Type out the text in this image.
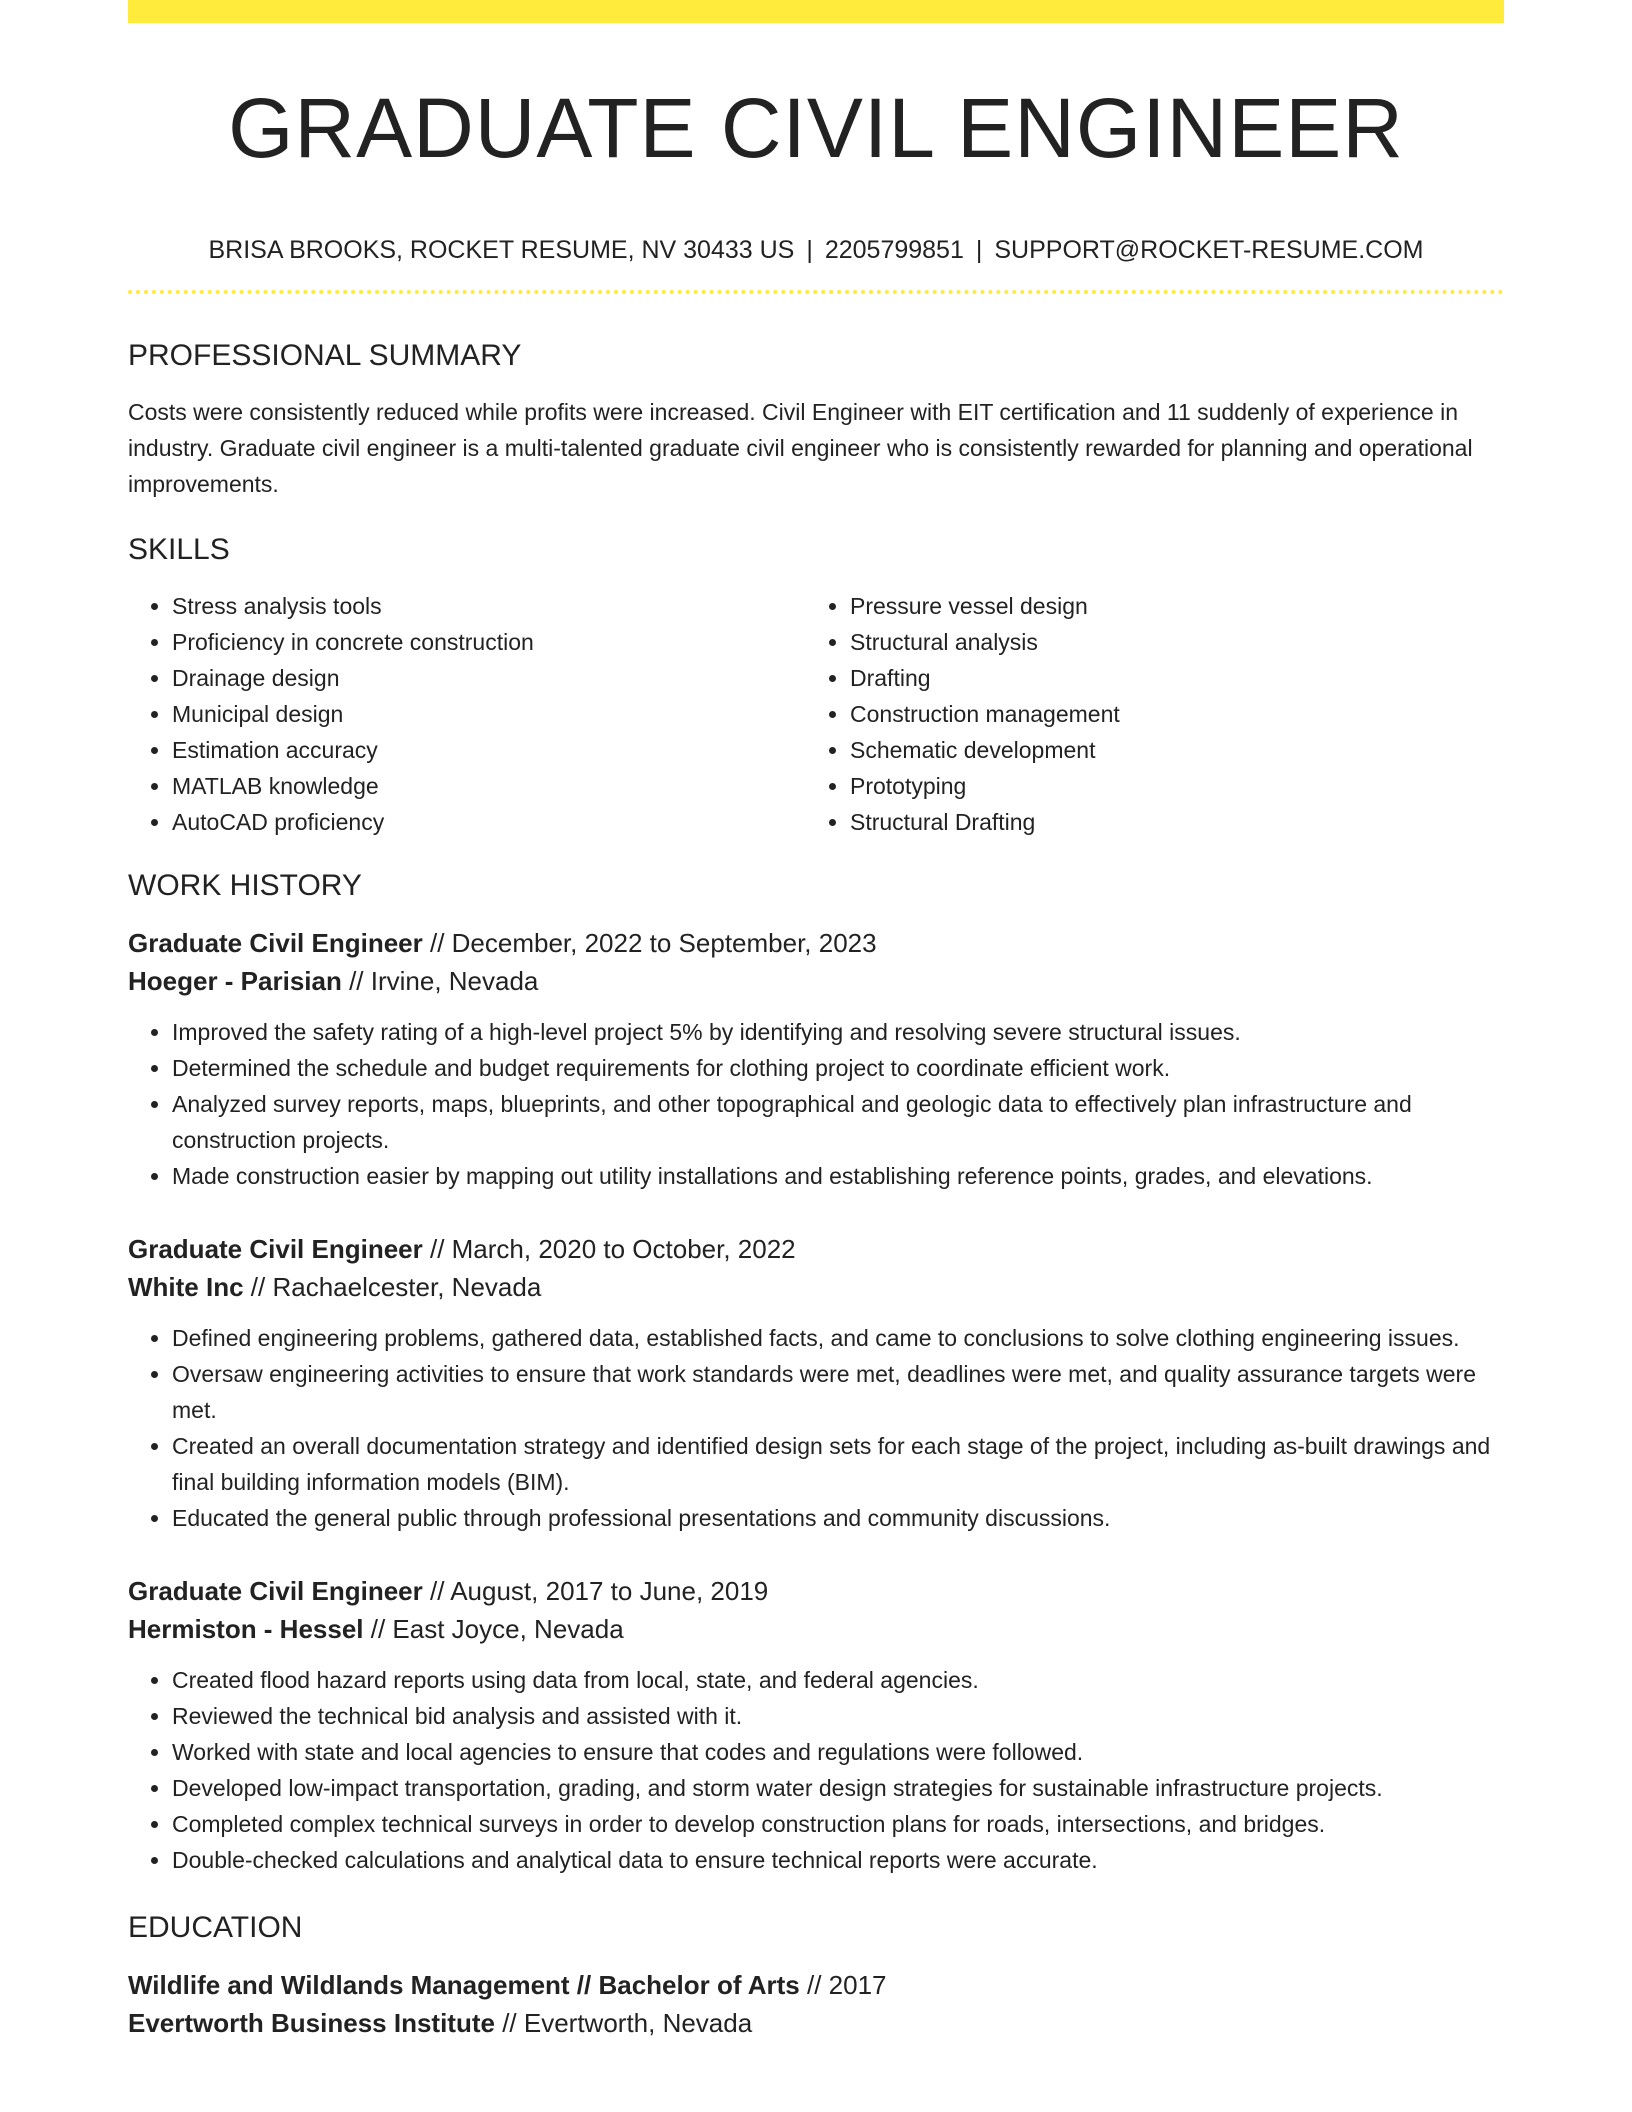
GRADUATE CIVIL ENGINEER
BRISA BROOKS, ROCKET RESUME, NV 30433 US | 2205799851 | SUPPORT@ROCKET-RESUME.COM
PROFESSIONAL SUMMARY
Costs were consistently reduced while profits were increased. Civil Engineer with EIT certification and 11 suddenly of experience in industry. Graduate civil engineer is a multi-talented graduate civil engineer who is consistently rewarded for planning and operational improvements.
SKILLS
• Stress analysis tools
• Proficiency in concrete construction
• Drainage design
• Municipal design
• Estimation accuracy
• MATLAB knowledge
• AutoCAD proficiency
• Pressure vessel design
• Structural analysis
• Drafting
• Construction management
• Schematic development
• Prototyping
• Structural Drafting
WORK HISTORY
Graduate Civil Engineer // December, 2022 to September, 2023
Hoeger - Parisian // Irvine, Nevada
• Improved the safety rating of a high-level project 5% by identifying and resolving severe structural issues.
• Determined the schedule and budget requirements for clothing project to coordinate efficient work.
• Analyzed survey reports, maps, blueprints, and other topographical and geologic data to effectively plan infrastructure and construction projects.
• Made construction easier by mapping out utility installations and establishing reference points, grades, and elevations.
Graduate Civil Engineer // March, 2020 to October, 2022
White Inc // Rachaelcester, Nevada
• Defined engineering problems, gathered data, established facts, and came to conclusions to solve clothing engineering issues.
• Oversaw engineering activities to ensure that work standards were met, deadlines were met, and quality assurance targets were met.
• Created an overall documentation strategy and identified design sets for each stage of the project, including as-built drawings and final building information models (BIM).
• Educated the general public through professional presentations and community discussions.
Graduate Civil Engineer // August, 2017 to June, 2019
Hermiston - Hessel // East Joyce, Nevada
• Created flood hazard reports using data from local, state, and federal agencies.
• Reviewed the technical bid analysis and assisted with it.
• Worked with state and local agencies to ensure that codes and regulations were followed.
• Developed low-impact transportation, grading, and storm water design strategies for sustainable infrastructure projects.
• Completed complex technical surveys in order to develop construction plans for roads, intersections, and bridges.
• Double-checked calculations and analytical data to ensure technical reports were accurate.
EDUCATION
Wildlife and Wildlands Management // Bachelor of Arts // 2017
Evertworth Business Institute // Evertworth, Nevada
